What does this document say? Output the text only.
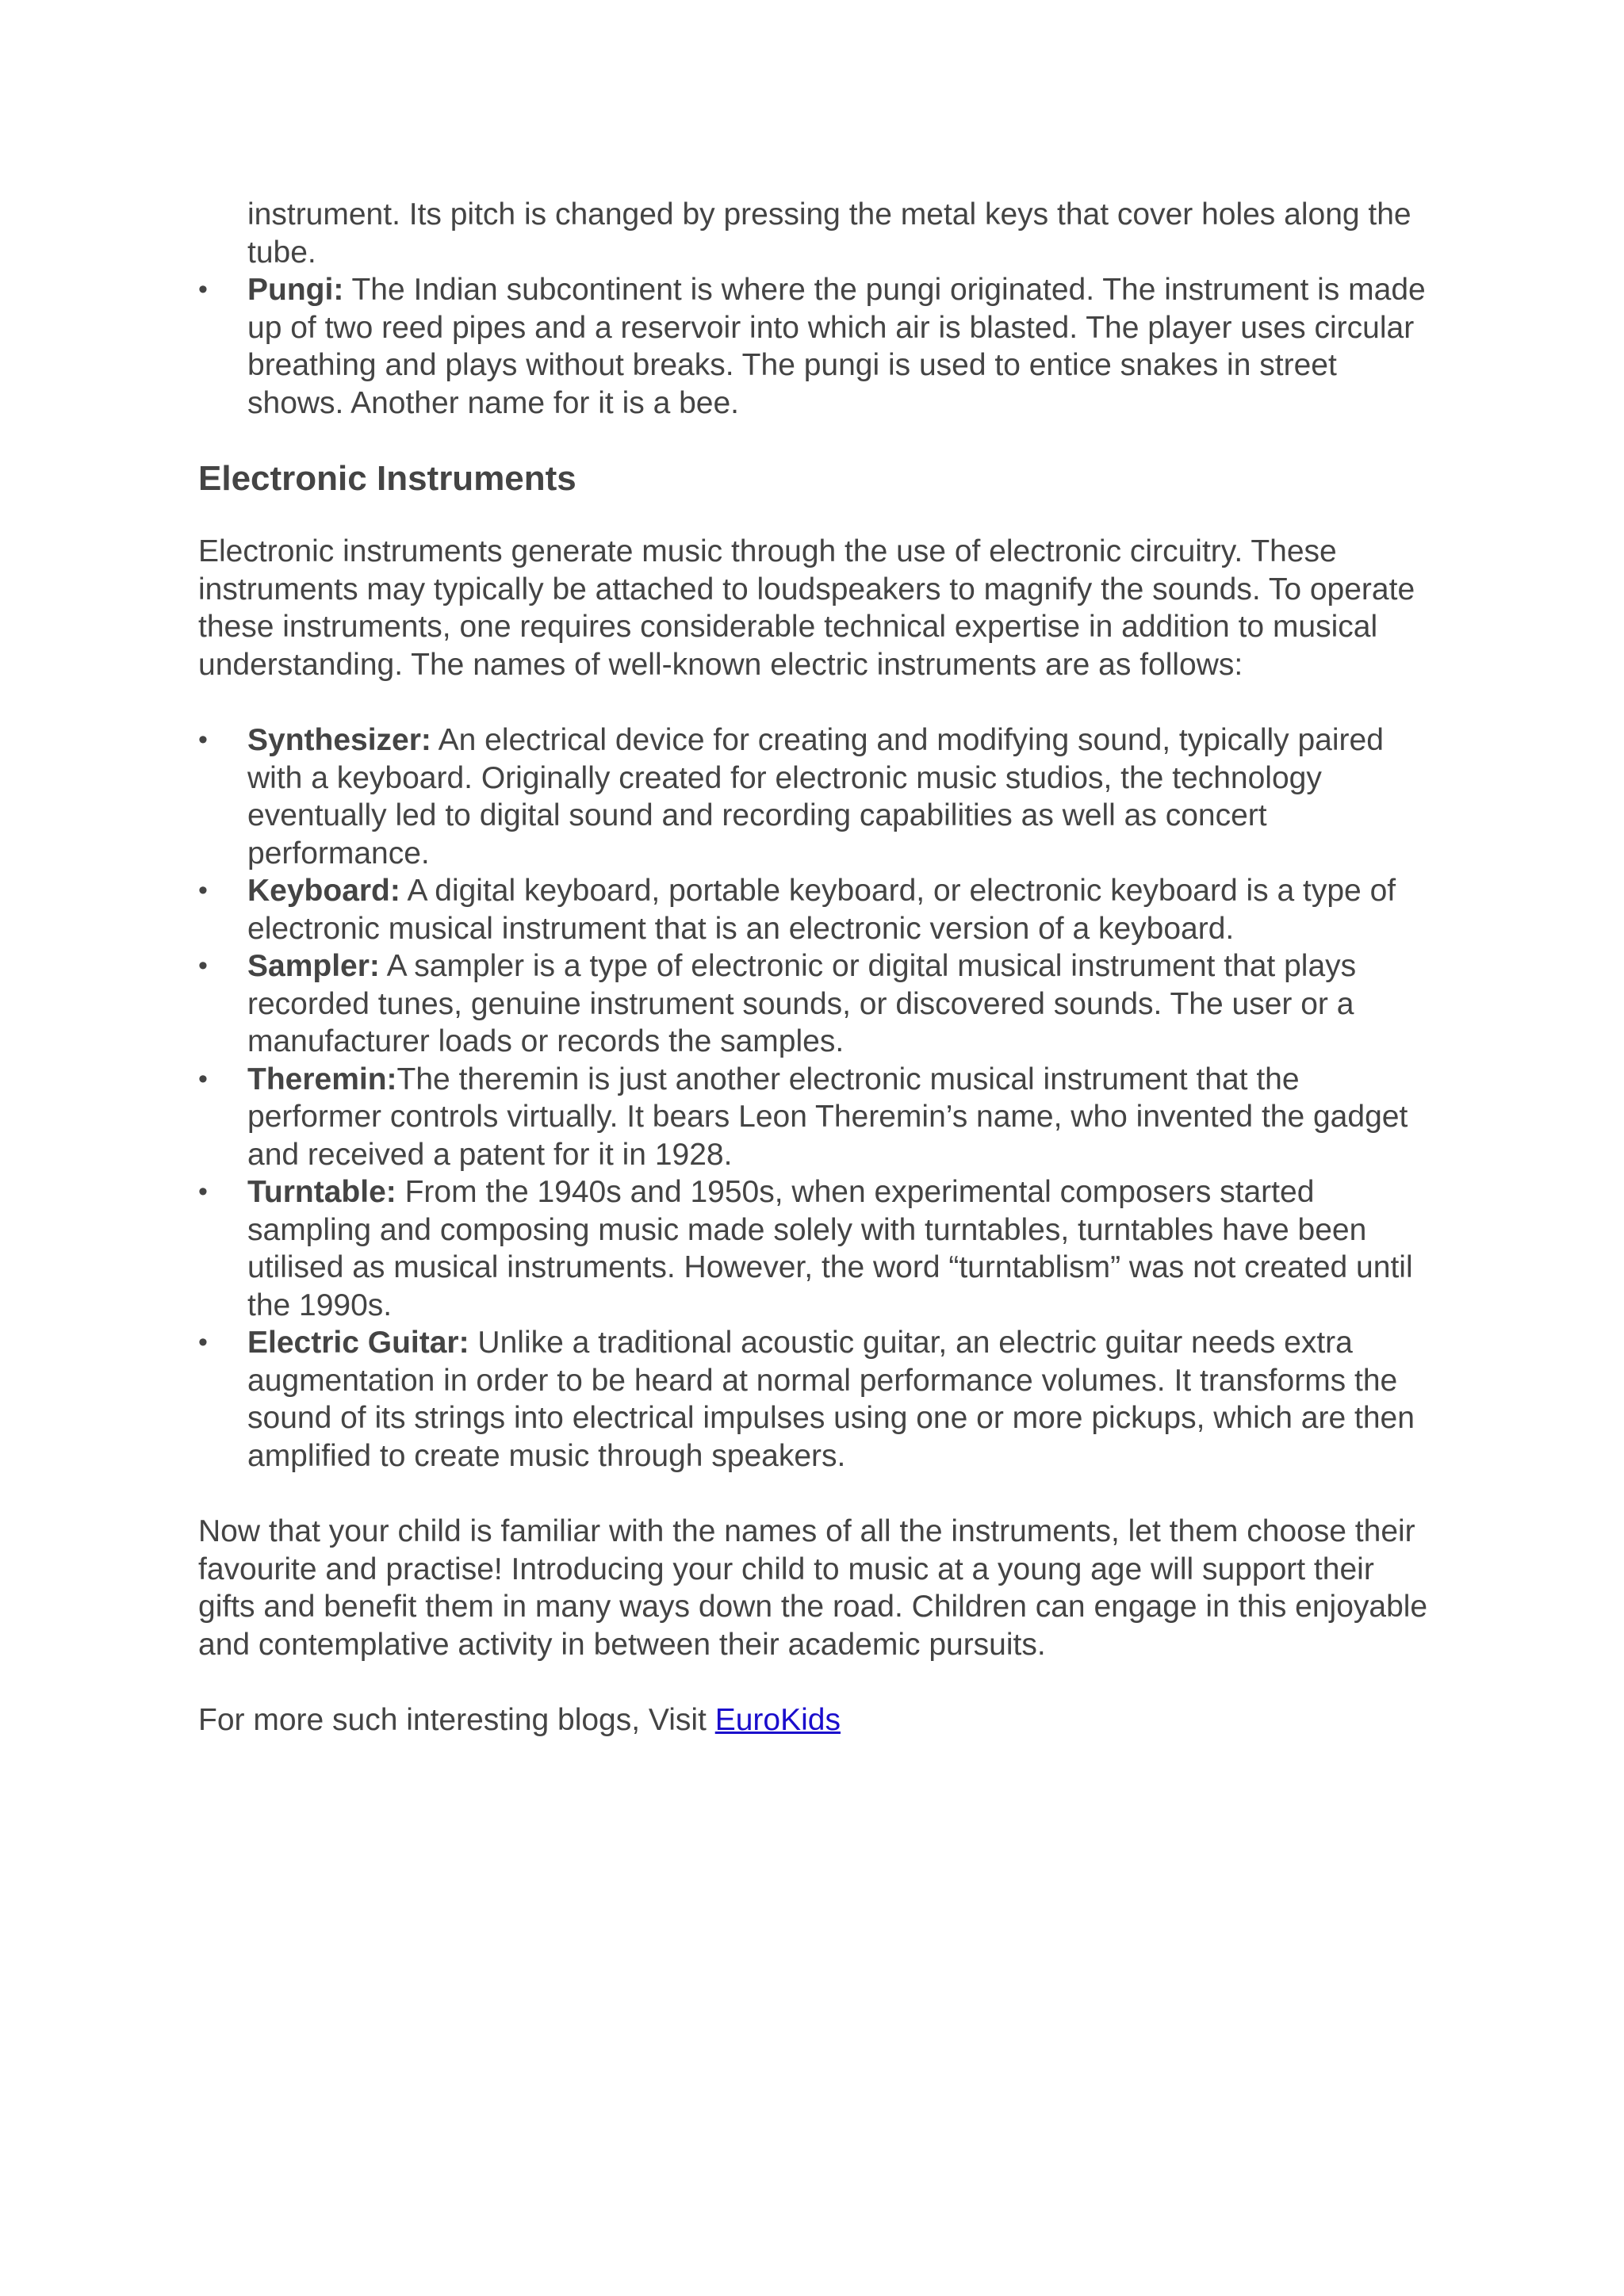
instrument. Its pitch is changed by pressing the metal keys that cover holes along the tube.
• Pungi: The Indian subcontinent is where the pungi originated. The instrument is made up of two reed pipes and a reservoir into which air is blasted. The player uses circular breathing and plays without breaks. The pungi is used to entice snakes in street shows. Another name for it is a bee.
Electronic Instruments

Electronic instruments generate music through the use of electronic circuitry. These instruments may typically be attached to loudspeakers to magnify the sounds. To operate these instruments, one requires considerable technical expertise in addition to musical understanding. The names of well-known electric instruments are as follows:

• Synthesizer: An electrical device for creating and modifying sound, typically paired with a keyboard. Originally created for electronic music studios, the technology eventually led to digital sound and recording capabilities as well as concert performance.
• Keyboard: A digital keyboard, portable keyboard, or electronic keyboard is a type of electronic musical instrument that is an electronic version of a keyboard.
• Sampler: A sampler is a type of electronic or digital musical instrument that plays recorded tunes, genuine instrument sounds, or discovered sounds. The user or a manufacturer loads or records the samples.
• Theremin:The theremin is just another electronic musical instrument that the performer controls virtually. It bears Leon Theremin’s name, who invented the gadget and received a patent for it in 1928.
• Turntable: From the 1940s and 1950s, when experimental composers started sampling and composing music made solely with turntables, turntables have been utilised as musical instruments. However, the word “turntablism” was not created until the 1990s.
• Electric Guitar: Unlike a traditional acoustic guitar, an electric guitar needs extra augmentation in order to be heard at normal performance volumes. It transforms the sound of its strings into electrical impulses using one or more pickups, which are then amplified to create music through speakers.

Now that your child is familiar with the names of all the instruments, let them choose their favourite and practise! Introducing your child to music at a young age will support their gifts and benefit them in many ways down the road. Children can engage in this enjoyable and contemplative activity in between their academic pursuits.

For more such interesting blogs, Visit EuroKids
